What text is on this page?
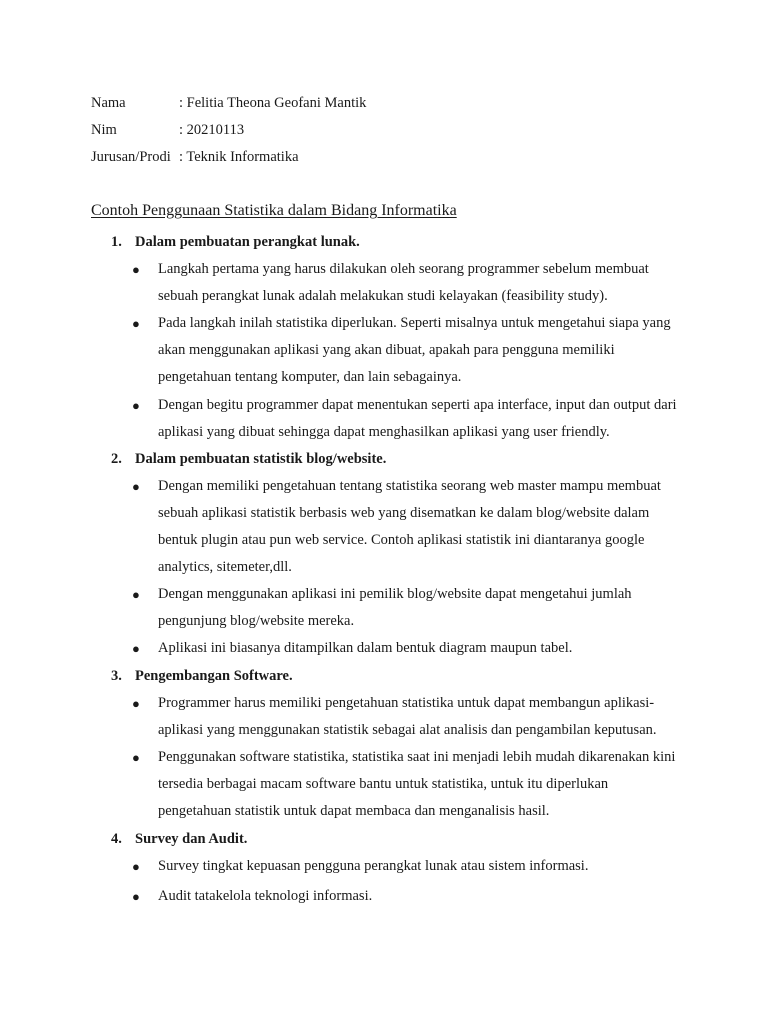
Nama	: Felitia Theona Geofani Mantik
Nim	: 20210113
Jurusan/Prodi : Teknik Informatika
Contoh Penggunaan Statistika dalam Bidang Informatika
1. Dalam pembuatan perangkat lunak.
●	Langkah pertama yang harus dilakukan oleh seorang programmer sebelum membuat sebuah perangkat lunak adalah melakukan studi kelayakan (feasibility study).
●	Pada langkah inilah statistika diperlukan. Seperti misalnya untuk mengetahui siapa yang akan menggunakan aplikasi yang akan dibuat, apakah para pengguna memiliki pengetahuan tentang komputer, dan lain sebagainya.
●	Dengan begitu programmer dapat menentukan seperti apa interface, input dan output dari aplikasi yang dibuat sehingga dapat menghasilkan aplikasi yang user friendly.
2. Dalam pembuatan statistik blog/website.
●	Dengan memiliki pengetahuan tentang statistika seorang web master mampu membuat sebuah aplikasi statistik berbasis web yang disematkan ke dalam blog/website dalam bentuk plugin atau pun web service. Contoh aplikasi statistik ini diantaranya google analytics, sitemeter,dll.
●	Dengan menggunakan aplikasi ini pemilik blog/website dapat mengetahui jumlah pengunjung blog/website mereka.
●	Aplikasi ini biasanya ditampilkan dalam bentuk diagram maupun tabel.
3. Pengembangan Software.
●	Programmer harus memiliki pengetahuan statistika untuk dapat membangun aplikasi-aplikasi yang menggunakan statistik sebagai alat analisis dan pengambilan keputusan.
●	Penggunakan software statistika, statistika saat ini menjadi lebih mudah dikarenakan kini tersedia berbagai macam software bantu untuk statistika, untuk itu diperlukan pengetahuan statistik untuk dapat membaca dan menganalisis hasil.
4. Survey dan Audit.
●	Survey tingkat kepuasan pengguna perangkat lunak atau sistem informasi.
●	Audit tatakelola teknologi informasi.
